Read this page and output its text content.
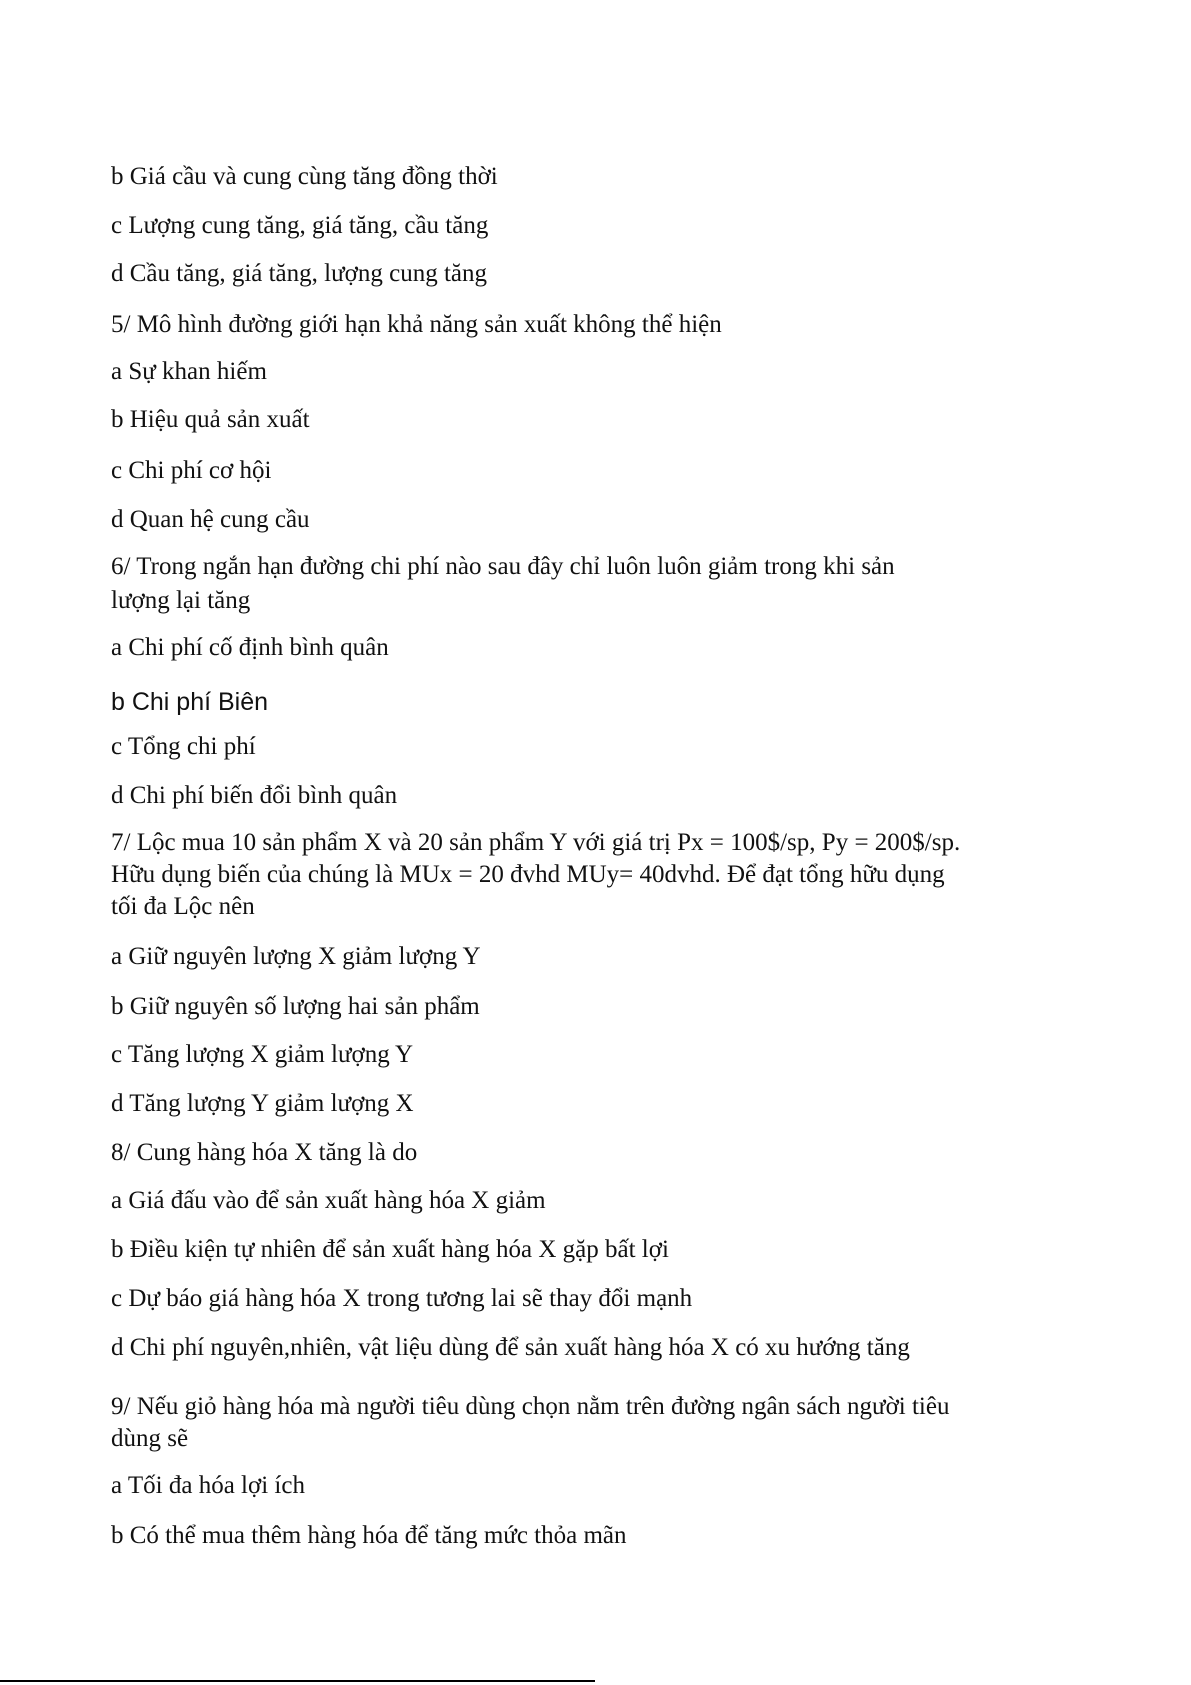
b Giá cầu và cung cùng tăng đồng thời

c Lượng cung tăng, giá tăng, cầu tăng

d Cầu tăng, giá tăng, lượng cung tăng

5/ Mô hình đường giới hạn khả năng sản xuất không thể hiện

a Sự khan hiếm

b Hiệu quả sản xuất

c Chi phí cơ hội

d Quan hệ cung cầu

6/ Trong ngắn hạn đường chi phí nào sau đây chỉ luôn luôn giảm trong khi sản

lượng lại tăng

a Chi phí cố định bình quân

b Chi phí Biên

c Tổng chi phí

d Chi phí biến đổi bình quân

7/ Lộc mua 10 sản phẩm X và 20 sản phẩm Y với giá trị Px = 100$/sp, Py = 200$/sp.

Hữu dụng biến của chúng là MUx = 20 đvhd MUy= 40dvhd. Để đạt tổng hữu dụng

tối đa Lộc nên

a Giữ nguyên lượng X giảm lượng Y

b Giữ nguyên số lượng hai sản phẩm

c Tăng lượng X giảm lượng Y

d Tăng lượng Y giảm lượng X

8/ Cung hàng hóa X tăng là do

a Giá đấu vào để sản xuất hàng hóa X giảm

b Điều kiện tự nhiên để sản xuất hàng hóa X gặp bất lợi

c Dự báo giá hàng hóa X trong tương lai sẽ thay đổi mạnh

d Chi phí nguyên,nhiên, vật liệu dùng để sản xuất hàng hóa X có xu hướng tăng

9/ Nếu giỏ hàng hóa mà người tiêu dùng chọn nằm trên đường ngân sách người tiêu

dùng sẽ

a Tối đa hóa lợi ích

b Có thể mua thêm hàng hóa để tăng mức thỏa mãn
